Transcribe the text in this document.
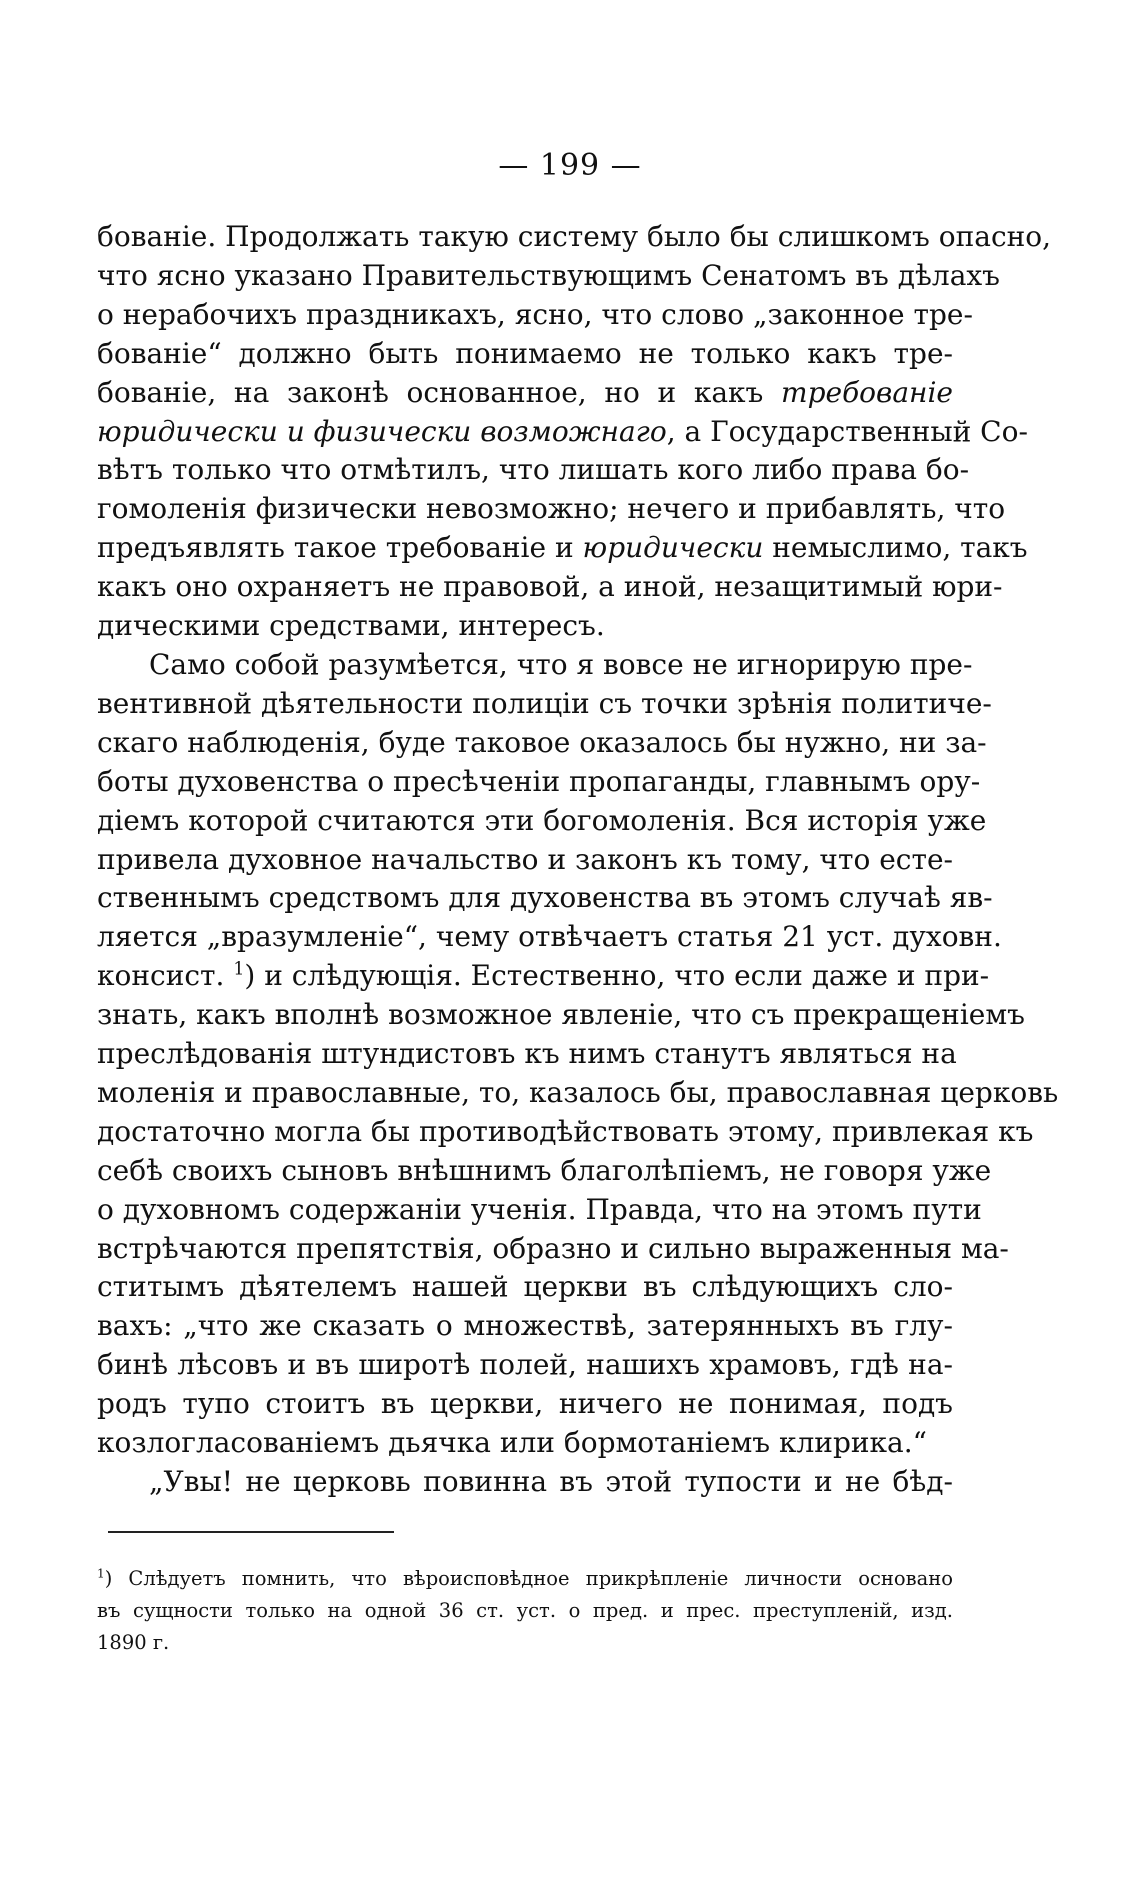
— 199 —
бованіе. Продолжать такую систему было бы слишкомъ опасно,
что ясно указано Правительствующимъ Сенатомъ въ дѣлахъ
о нерабочихъ праздникахъ, ясно, что слово „законное тре-
бованіе“ должно быть понимаемо не только какъ тре-
бованіе, на законѣ основанное, но и какъ требованіе
юридически и физически возможнаго, а Государственный Со-
вѣтъ только что отмѣтилъ, что лишать кого либо права бо-
гомоленія физически невозможно; нечего и прибавлять, что
предъявлять такое требованіе и юридически немыслимо, такъ
какъ оно охраняетъ не правовой, а иной, незащитимый юри-
дическими средствами, интересъ.
Само собой разумѣется, что я вовсе не игнорирую пре-
вентивной дѣятельности полиціи съ точки зрѣнія политиче-
скаго наблюденія, буде таковое оказалось бы нужно, ни за-
боты духовенства о пресѣченіи пропаганды, главнымъ ору-
діемъ которой считаются эти богомоленія. Вся исторія уже
привела духовное начальство и законъ къ тому, что есте-
ственнымъ средствомъ для духовенства въ этомъ случаѣ яв-
ляется „вразумленіе“, чему отвѣчаетъ статья 21 уст. духовн.
консист. $^1$) и слѣдующія. Естественно, что если даже и при-
знать, какъ вполнѣ возможное явленіе, что съ прекращеніемъ
преслѣдованія штундистовъ къ нимъ станутъ являться на
моленія и православные, то, казалось бы, православная церковь
достаточно могла бы противодѣйствовать этому, привлекая къ
себѣ своихъ сыновъ внѣшнимъ благолѣпіемъ, не говоря уже
о духовномъ содержаніи ученія. Правда, что на этомъ пути
встрѣчаются препятствія, образно и сильно выраженныя ма-
ститымъ дѣятелемъ нашей церкви въ слѣдующихъ сло-
вахъ: „что же сказать о множествѣ, затерянныхъ въ глу-
бинѣ лѣсовъ и въ широтѣ полей, нашихъ храмовъ, гдѣ на-
родъ тупо стоитъ въ церкви, ничего не понимая, подъ
козлогласованіемъ дьячка или бормотаніемъ клирика.“
„Увы! не церковь повинна въ этой тупости и не бѣд-
$^1$) Слѣдуетъ помнить, что вѣроисповѣдное прикрѣпленіе личности основано
въ сущности только на одной 36 ст. уст. о пред. и прес. преступленій, изд.
1890 г.
